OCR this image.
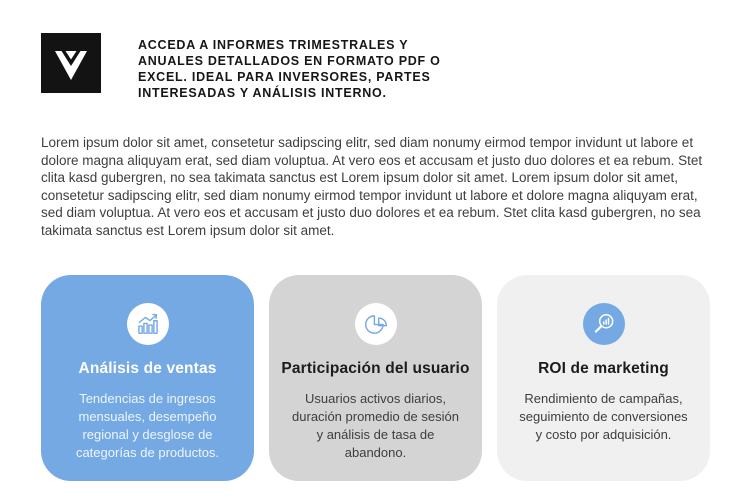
ACCEDA A INFORMES TRIMESTRALES Y ANUALES DETALLADOS EN FORMATO PDF O EXCEL. IDEAL PARA INVERSORES, PARTES INTERESADAS Y ANÁLISIS INTERNO.

Lorem ipsum dolor sit amet, consetetur sadipscing elitr, sed diam nonumy eirmod tempor invidunt ut labore et dolore magna aliquyam erat, sed diam voluptua. At vero eos et accusam et justo duo dolores et ea rebum. Stet clita kasd gubergren, no sea takimata sanctus est Lorem ipsum dolor sit amet. Lorem ipsum dolor sit amet, consetetur sadipscing elitr, sed diam nonumy eirmod tempor invidunt ut labore et dolore magna aliquyam erat, sed diam voluptua. At vero eos et accusam et justo duo dolores et ea rebum. Stet clita kasd gubergren, no sea takimata sanctus est Lorem ipsum dolor sit amet.

Análisis de ventas

Tendencias de ingresos mensuales, desempeño regional y desglose de categorías de productos.

Participación del usuario

Usuarios activos diarios, duración promedio de sesión y análisis de tasa de abandono.

ROI de marketing

Rendimiento de campañas, seguimiento de conversiones y costo por adquisición.
